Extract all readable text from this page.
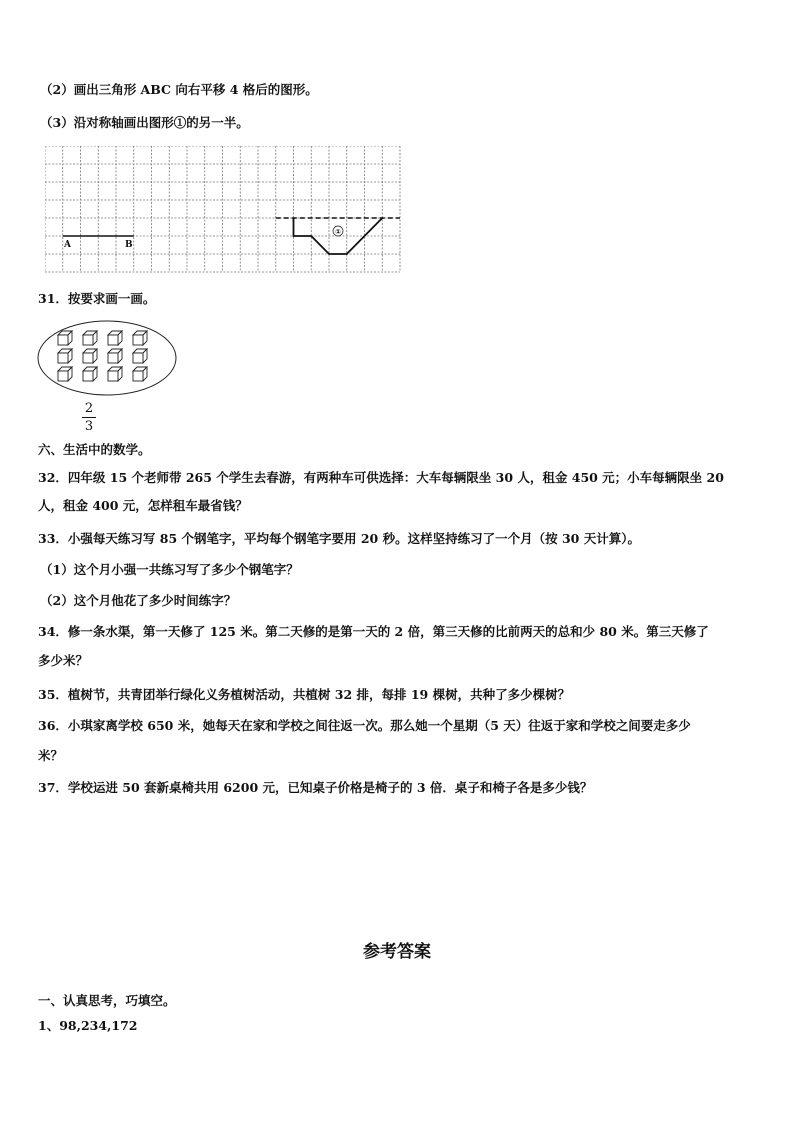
（2）画出三角形 ABC 向右平移 4 格后的图形。
（3）沿对称轴画出图形①的另一半。
A	B
①
31．按要求画一画。
2
3
六、生活中的数学。
32．四年级 15 个老师带 265 个学生去春游，有两种车可供选择：大车每辆限坐 30 人，租金 450 元；小车每辆限坐 20
人，租金 400 元，怎样租车最省钱？
33．小强每天练习写 85 个钢笔字，平均每个钢笔字要用 20 秒。这样坚持练习了一个月（按 30 天计算）。
（1）这个月小强一共练习写了多少个钢笔字？
（2）这个月他花了多少时间练字？
34．修一条水渠，第一天修了 125 米。第二天修的是第一天的 2 倍，第三天修的比前两天的总和少 80 米。第三天修了
多少米？
35．植树节，共青团举行绿化义务植树活动，共植树 32 排，每排 19 棵树，共种了多少棵树？
36．小琪家离学校 650 米，她每天在家和学校之间往返一次。那么她一个星期（5 天）往返于家和学校之间要走多少
米？
37．学校运进 50 套新桌椅共用 6200 元，已知桌子价格是椅子的 3 倍．桌子和椅子各是多少钱？
参考答案
一、认真思考，巧填空。
1、98,234,172
